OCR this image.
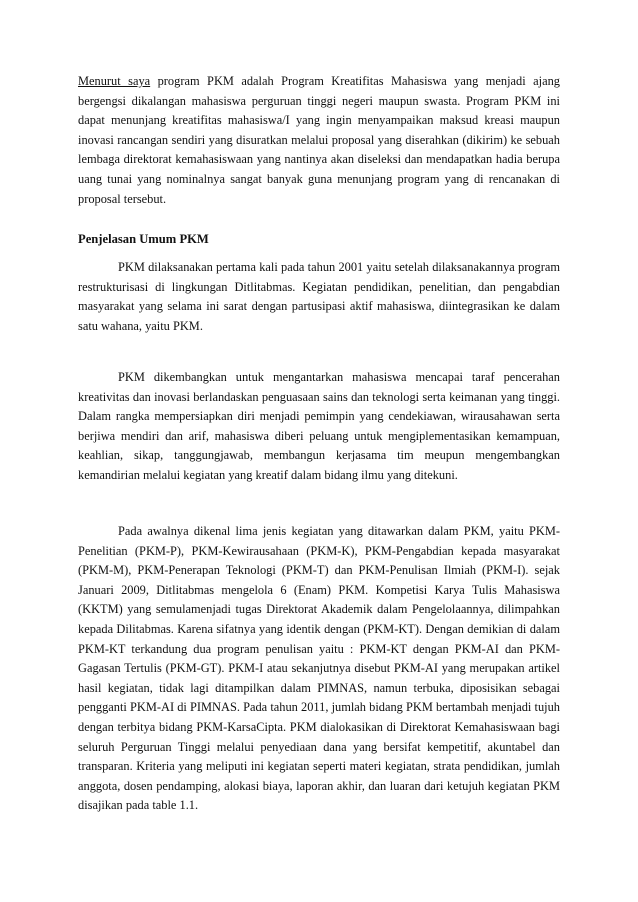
Menurut saya program PKM adalah Program Kreatifitas Mahasiswa yang menjadi ajang bergengsi dikalangan mahasiswa perguruan tinggi negeri maupun swasta. Program PKM ini dapat menunjang kreatifitas mahasiswa/I yang ingin menyampaikan maksud kreasi maupun inovasi rancangan sendiri yang disuratkan melalui proposal yang diserahkan (dikirim) ke sebuah lembaga direktorat kemahasiswaan yang nantinya akan diseleksi dan mendapatkan hadia berupa uang tunai yang nominalnya sangat banyak guna menunjang program yang di rencanakan di proposal tersebut.

Penjelasan Umum PKM

PKM dilaksanakan pertama kali pada tahun 2001 yaitu setelah dilaksanakannya program restrukturisasi di lingkungan Ditlitabmas. Kegiatan pendidikan, penelitian, dan pengabdian masyarakat yang selama ini sarat dengan partusipasi aktif mahasiswa, diintegrasikan ke dalam satu wahana, yaitu PKM.

PKM dikembangkan untuk mengantarkan mahasiswa mencapai taraf pencerahan kreativitas dan inovasi berlandaskan penguasaan sains dan teknologi serta keimanan yang tinggi. Dalam rangka mempersiapkan diri menjadi pemimpin yang cendekiawan, wirausahawan serta berjiwa mendiri dan arif, mahasiswa diberi peluang untuk mengiplementasikan kemampuan, keahlian, sikap, tanggungjawab, membangun kerjasama tim meupun mengembangkan kemandirian melalui kegiatan yang kreatif dalam bidang ilmu yang ditekuni.

Pada awalnya dikenal lima jenis kegiatan yang ditawarkan dalam PKM, yaitu PKM-Penelitian (PKM-P), PKM-Kewirausahaan (PKM-K), PKM-Pengabdian kepada masyarakat (PKM-M), PKM-Penerapan Teknologi (PKM-T) dan PKM-Penulisan Ilmiah (PKM-I). sejak Januari 2009, Ditlitabmas mengelola 6 (Enam) PKM. Kompetisi Karya Tulis Mahasiswa (KKTM) yang semulamenjadi tugas Direktorat Akademik dalam Pengelolaannya, dilimpahkan kepada Dilitabmas. Karena sifatnya yang identik dengan (PKM-KT). Dengan demikian di dalam PKM-KT terkandung dua program penulisan yaitu : PKM-KT dengan PKM-AI dan PKM-Gagasan Tertulis (PKM-GT). PKM-I atau sekanjutnya disebut PKM-AI yang merupakan artikel hasil kegiatan, tidak lagi ditampilkan dalam PIMNAS, namun terbuka, diposisikan sebagai pengganti PKM-AI di PIMNAS. Pada tahun 2011, jumlah bidang PKM bertambah menjadi tujuh dengan terbitya bidang PKM-KarsaCipta. PKM dialokasikan di Direktorat Kemahasiswaan bagi seluruh Perguruan Tinggi melalui penyediaan dana yang bersifat kempetitif, akuntabel dan transparan. Kriteria yang meliputi ini kegiatan seperti materi kegiatan, strata pendidikan, jumlah anggota, dosen pendamping, alokasi biaya, laporan akhir, dan luaran dari ketujuh kegiatan PKM disajikan pada table 1.1.
